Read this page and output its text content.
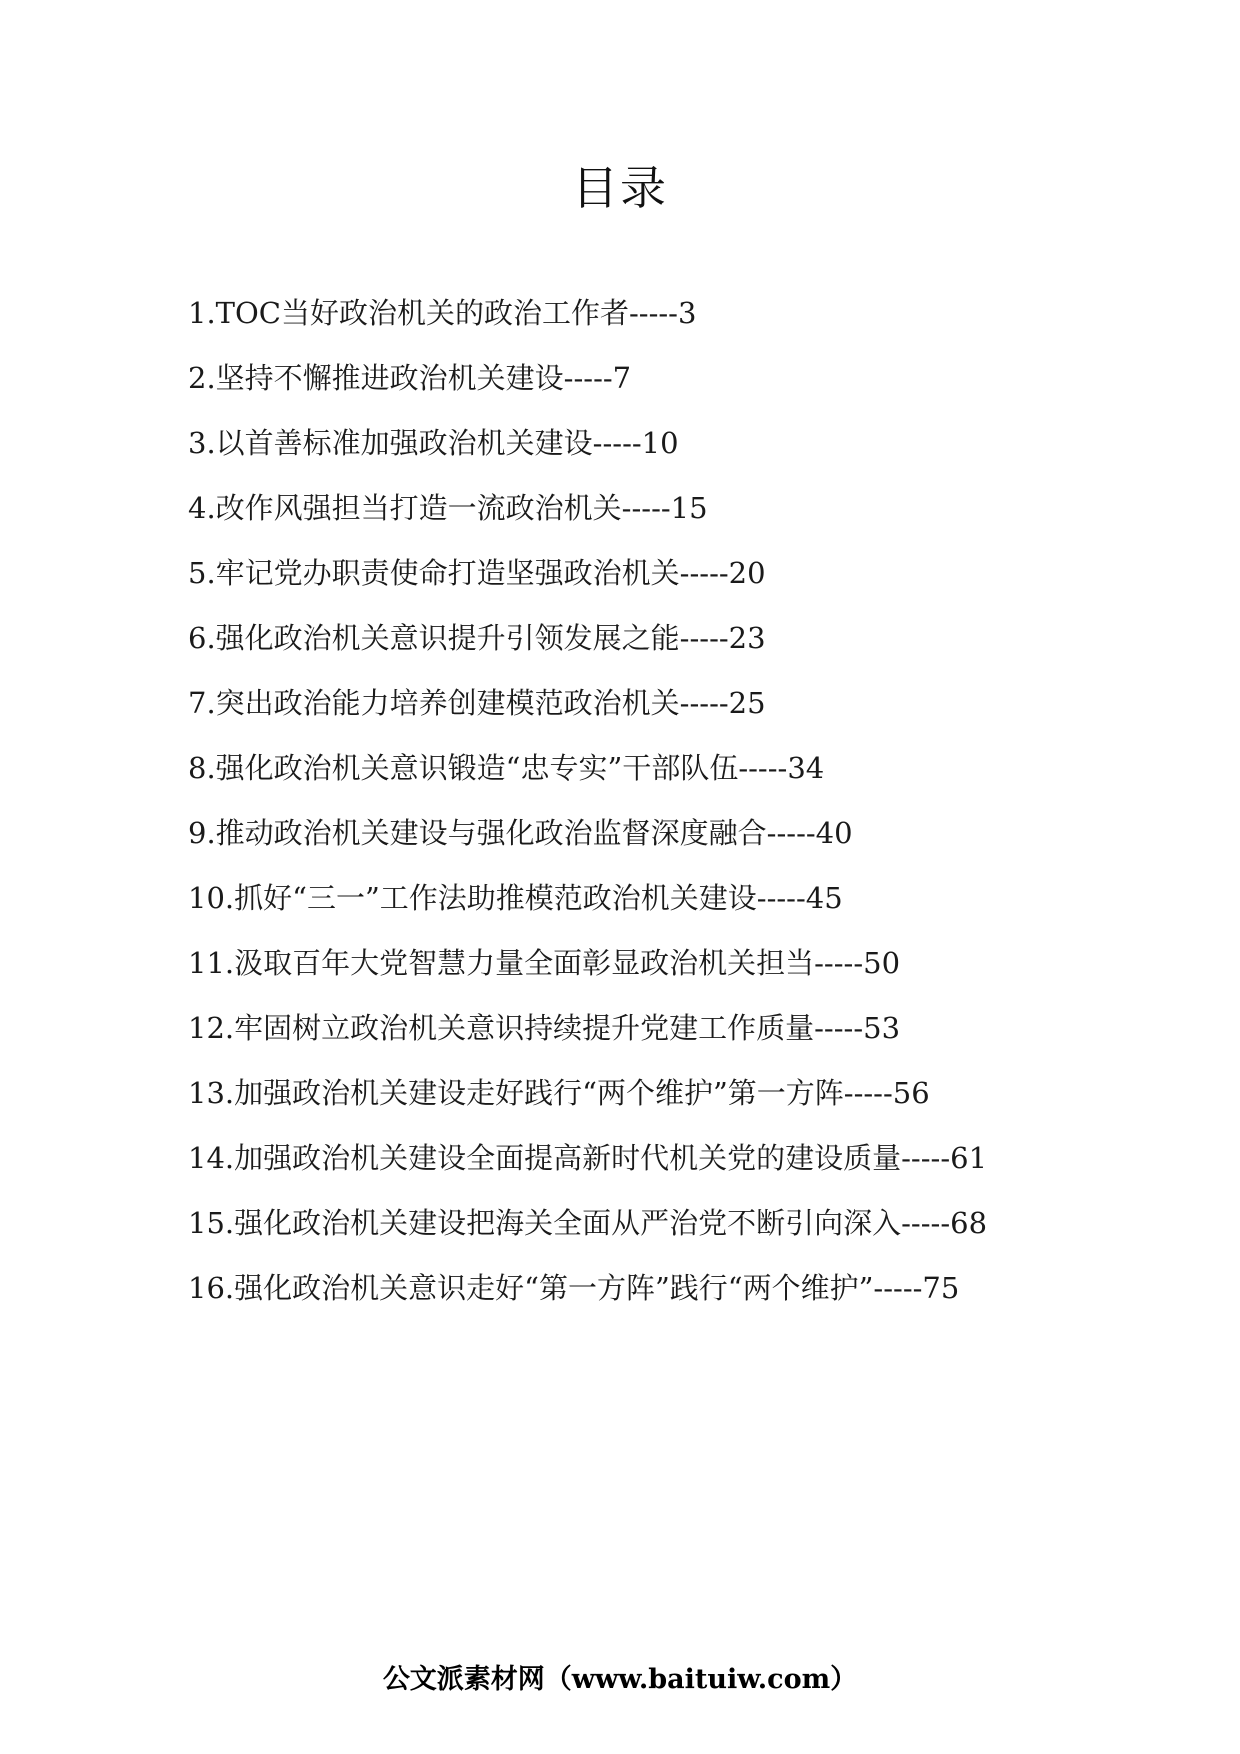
目录

1.TOC当好政治机关的政治工作者-----3

2.坚持不懈推进政治机关建设-----7

3.以首善标准加强政治机关建设-----10

4.改作风强担当打造一流政治机关-----15

5.牢记党办职责使命打造坚强政治机关-----20

6.强化政治机关意识提升引领发展之能-----23

7.突出政治能力培养创建模范政治机关-----25

8.强化政治机关意识锻造“忠专实”干部队伍-----34

9.推动政治机关建设与强化政治监督深度融合-----40

10.抓好“三一”工作法助推模范政治机关建设-----45

11.汲取百年大党智慧力量全面彰显政治机关担当-----50

12.牢固树立政治机关意识持续提升党建工作质量-----53

13.加强政治机关建设走好践行“两个维护”第一方阵-----56

14.加强政治机关建设全面提高新时代机关党的建设质量-----61

15.强化政治机关建设把海关全面从严治党不断引向深入-----68

16.强化政治机关意识走好“第一方阵”践行“两个维护”-----75

公文派素材网（www.baituiw.com）
